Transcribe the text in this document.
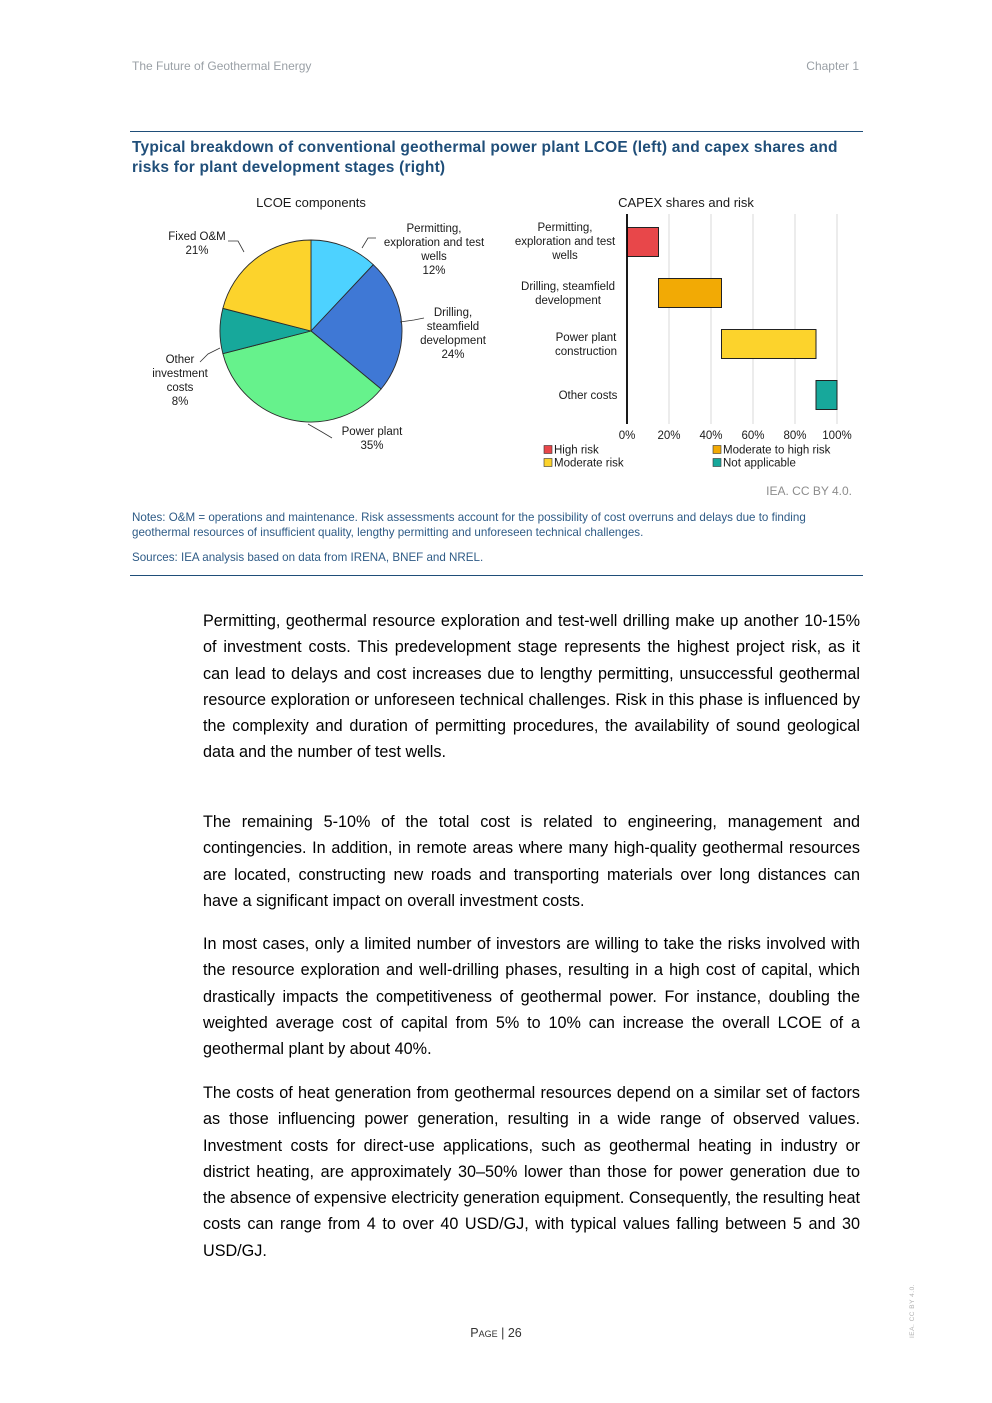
The Future of Geothermal Energy	Chapter 1
Typical breakdown of conventional geothermal power plant LCOE (left) and capex shares and risks for plant development stages (right)
LCOE components
Fixed O&M 21%
Permitting, exploration and test wells 12%
Drilling, steamfield development 24%
Other investment costs 8%
Power plant 35%
CAPEX shares and risk
Permitting, exploration and test wells
Drilling, steamfield development
Power plant construction
Other costs
0% 20% 40% 60% 80% 100%
High risk	Moderate to high risk
Moderate risk	Not applicable
IEA. CC BY 4.0.

Notes: O&M = operations and maintenance. Risk assessments account for the possibility of cost overruns and delays due to finding geothermal resources of insufficient quality, lengthy permitting and unforeseen technical challenges.

Sources: IEA analysis based on data from IRENA, BNEF and NREL.

Permitting, geothermal resource exploration and test-well drilling make up another 10-15% of investment costs. This predevelopment stage represents the highest project risk, as it can lead to delays and cost increases due to lengthy permitting, unsuccessful geothermal resource exploration or unforeseen technical challenges. Risk in this phase is influenced by the complexity and duration of permitting procedures, the availability of sound geological data and the number of test wells.

The remaining 5-10% of the total cost is related to engineering, management and contingencies. In addition, in remote areas where many high-quality geothermal resources are located, constructing new roads and transporting materials over long distances can have a significant impact on overall investment costs.

In most cases, only a limited number of investors are willing to take the risks involved with the resource exploration and well-drilling phases, resulting in a high cost of capital, which drastically impacts the competitiveness of geothermal power. For instance, doubling the weighted average cost of capital from 5% to 10% can increase the overall LCOE of a geothermal plant by about 40%.

The costs of heat generation from geothermal resources depend on a similar set of factors as those influencing power generation, resulting in a wide range of observed values. Investment costs for direct-use applications, such as geothermal heating in industry or district heating, are approximately 30–50% lower than those for power generation due to the absence of expensive electricity generation equipment. Consequently, the resulting heat costs can range from 4 to over 40 USD/GJ, with typical values falling between 5 and 30 USD/GJ.

Page | 26	IEA. CC BY 4.0.
